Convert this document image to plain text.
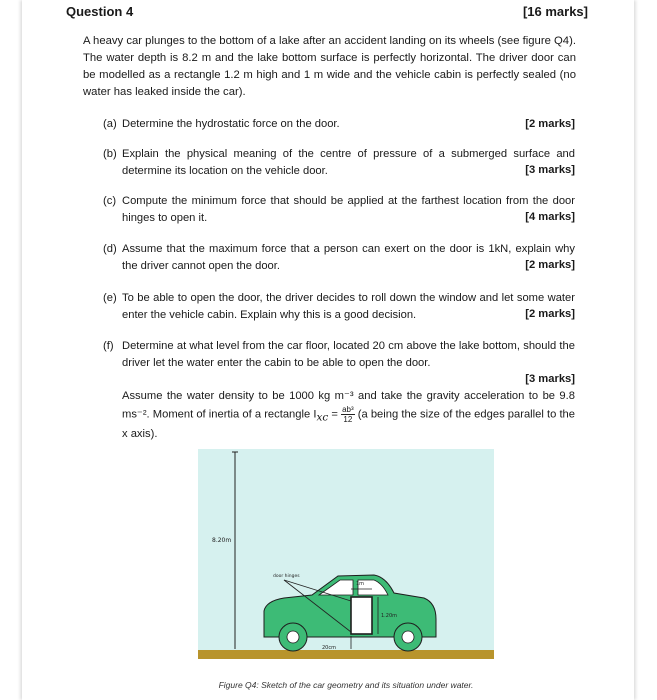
Question 4	[16 marks]
A heavy car plunges to the bottom of a lake after an accident landing on its wheels (see figure Q4). The water depth is 8.2 m and the lake bottom surface is perfectly horizontal. The driver door can be modelled as a rectangle 1.2 m high and 1 m wide and the vehicle cabin is perfectly sealed (no water has leaked inside the car).
(a) Determine the hydrostatic force on the door.	[2 marks]
(b) Explain the physical meaning of the centre of pressure of a submerged surface and determine its location on the vehicle door.	[3 marks]
(c) Compute the minimum force that should be applied at the farthest location from the door hinges to open it.	[4 marks]
(d) Assume that the maximum force that a person can exert on the door is 1kN, explain why the driver cannot open the door.	[2 marks]
(e) To be able to open the door, the driver decides to roll down the window and let some water enter the vehicle cabin. Explain why this is a good decision.	[2 marks]
(f) Determine at what level from the car floor, located 20 cm above the lake bottom, should the driver let the water enter the cabin to be able to open the door.
[3 marks]
Assume the water density to be 1000 kg m⁻³ and take the gravity acceleration to be 9.8 ms⁻². Moment of inertia of a rectangle $I_{xc} = \frac{\text{ab³}}{12} (a$ being the size of the edges parallel to the x axis).
8.20m
door hinges
1m
1.20m
20cm
Figure Q4: Sketch of the car geometry and its situation under water.
